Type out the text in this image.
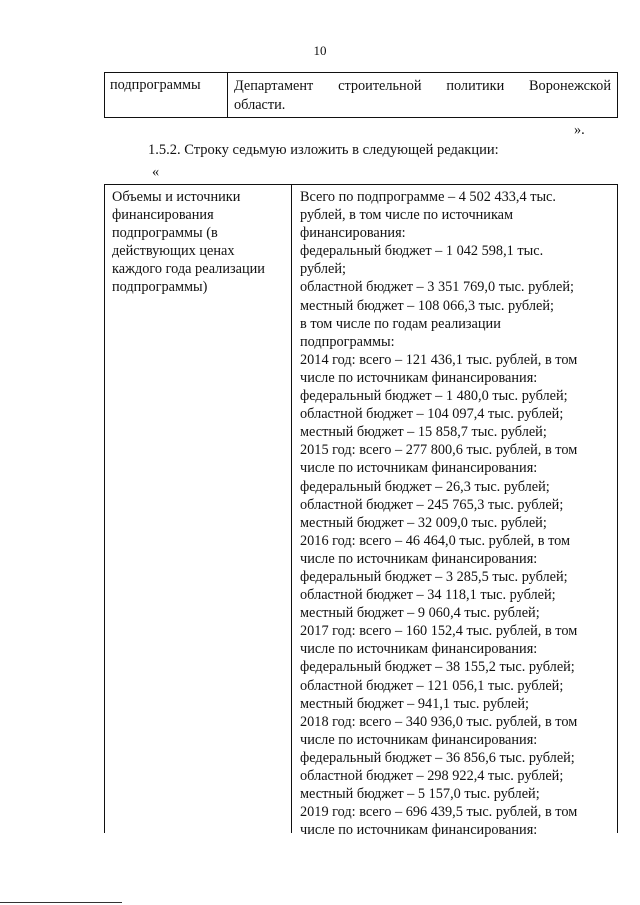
10
подпрограммы	Департамент строительной политики Воронежской
области.
».
1.5.2. Строку седьмую изложить в следующей редакции:
«
Объемы и источники
финансирования
подпрограммы (в
действующих ценах
каждого года реализации
подпрограммы)
Всего по подпрограмме – 4 502 433,4 тыс.
рублей, в том числе по источникам
финансирования:
федеральный бюджет – 1 042 598,1 тыс.
рублей;
областной бюджет – 3 351 769,0 тыс. рублей;
местный бюджет – 108 066,3 тыс. рублей;
в том числе по годам реализации
подпрограммы:
2014 год: всего – 121 436,1 тыс. рублей, в том
числе по источникам финансирования:
федеральный бюджет – 1 480,0 тыс. рублей;
областной бюджет – 104 097,4 тыс. рублей;
местный бюджет – 15 858,7 тыс. рублей;
2015 год: всего – 277 800,6 тыс. рублей, в том
числе по источникам финансирования:
федеральный бюджет – 26,3 тыс. рублей;
областной бюджет – 245 765,3 тыс. рублей;
местный бюджет – 32 009,0 тыс. рублей;
2016 год: всего – 46 464,0 тыс. рублей, в том
числе по источникам финансирования:
федеральный бюджет – 3 285,5 тыс. рублей;
областной бюджет – 34 118,1 тыс. рублей;
местный бюджет – 9 060,4 тыс. рублей;
2017 год: всего – 160 152,4 тыс. рублей, в том
числе по источникам финансирования:
федеральный бюджет – 38 155,2 тыс. рублей;
областной бюджет – 121 056,1 тыс. рублей;
местный бюджет – 941,1 тыс. рублей;
2018 год: всего – 340 936,0 тыс. рублей, в том
числе по источникам финансирования:
федеральный бюджет – 36 856,6 тыс. рублей;
областной бюджет – 298 922,4 тыс. рублей;
местный бюджет – 5 157,0 тыс. рублей;
2019 год: всего – 696 439,5 тыс. рублей, в том
числе по источникам финансирования:
